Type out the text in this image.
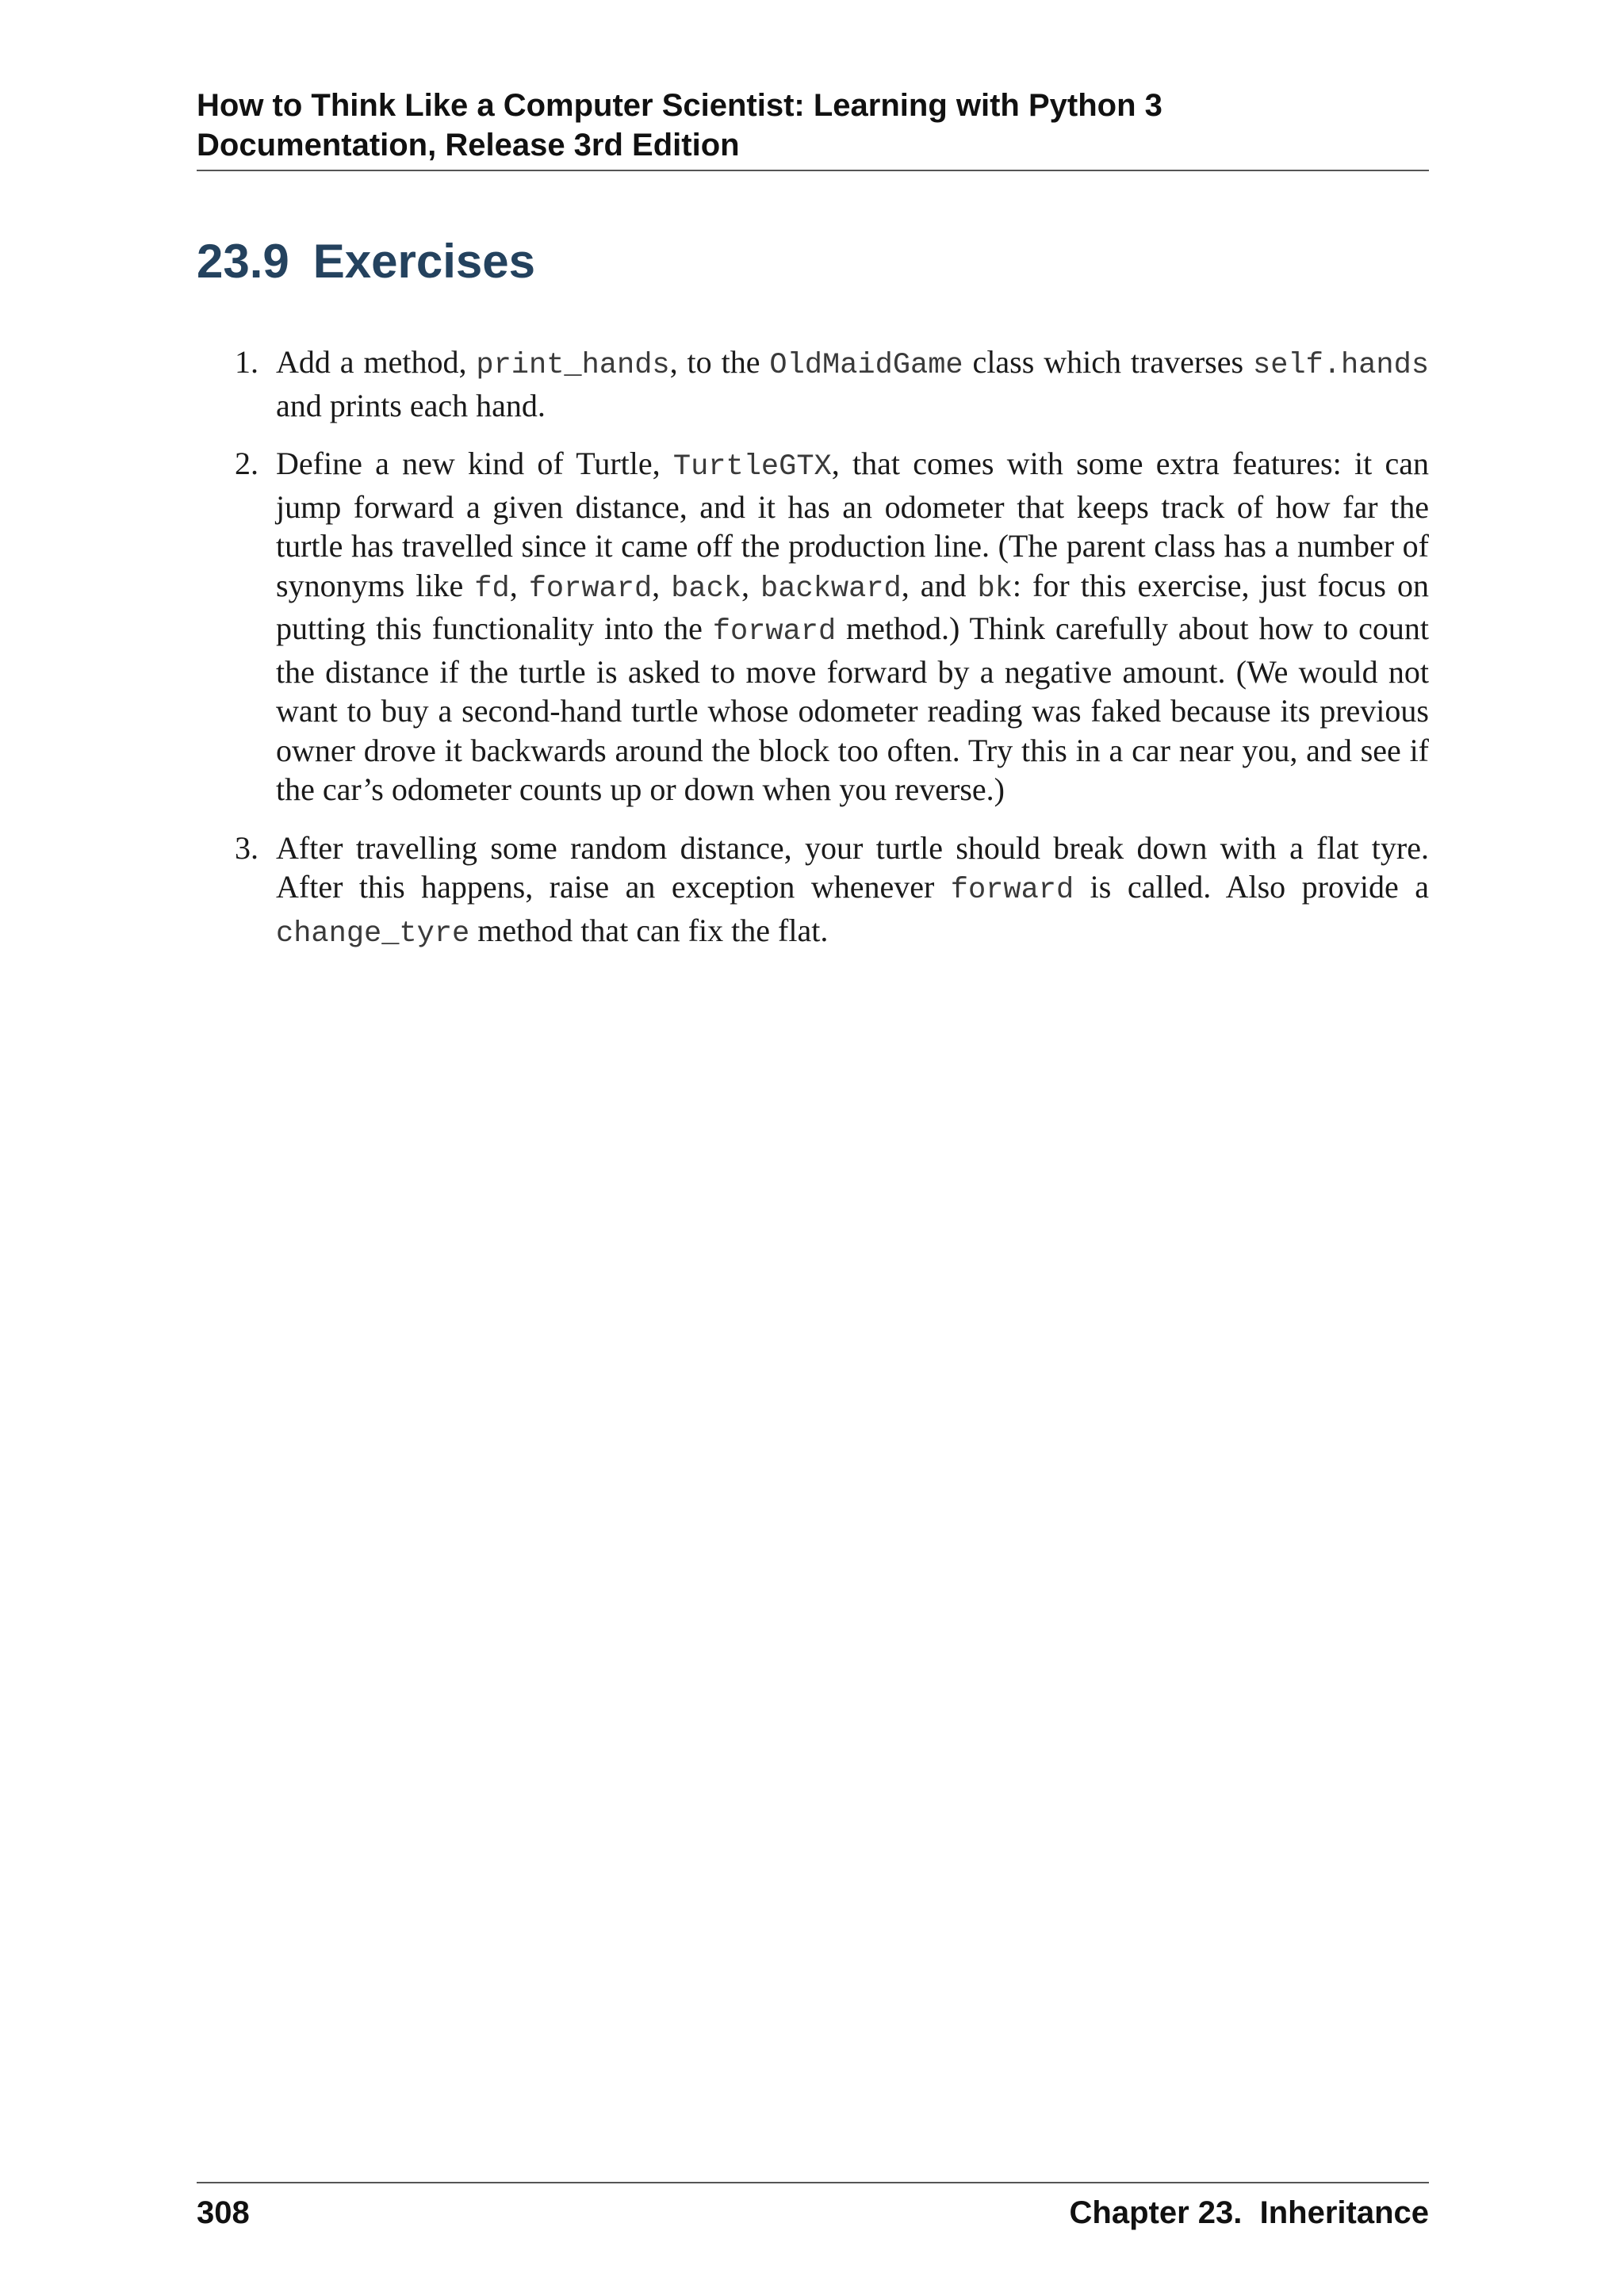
How to Think Like a Computer Scientist: Learning with Python 3
Documentation, Release 3rd Edition
23.9 Exercises
1. Add a method, print_hands, to the OldMaidGame class which traverses self.hands and prints each hand.
2. Define a new kind of Turtle, TurtleGTX, that comes with some extra features: it can jump forward a given distance, and it has an odometer that keeps track of how far the turtle has travelled since it came off the production line. (The parent class has a number of synonyms like fd, forward, back, backward, and bk: for this exercise, just focus on putting this functionality into the forward method.) Think carefully about how to count the distance if the turtle is asked to move forward by a negative amount. (We would not want to buy a second-hand turtle whose odometer reading was faked because its previous owner drove it backwards around the block too often. Try this in a car near you, and see if the car’s odometer counts up or down when you reverse.)
3. After travelling some random distance, your turtle should break down with a flat tyre. After this happens, raise an exception whenever forward is called. Also provide a change_tyre method that can fix the flat.
308	Chapter 23.  Inheritance
